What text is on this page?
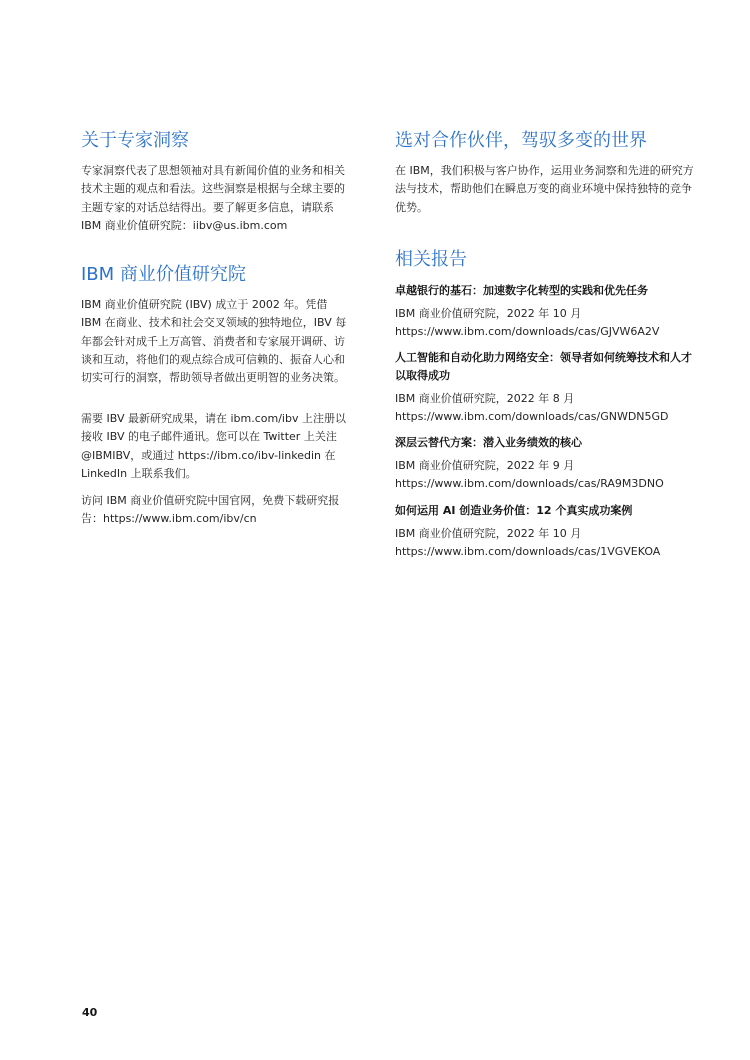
关于专家洞察

专家洞察代表了思想领袖对具有新闻价值的业务和相关技术主题的观点和看法。这些洞察是根据与全球主要的主题专家的对话总结得出。要了解更多信息，请联系 IBM 商业价值研究院：iibv@us.ibm.com

IBM 商业价值研究院

IBM 商业价值研究院 (IBV) 成立于 2002 年。凭借 IBM 在商业、技术和社会交叉领域的独特地位，IBV 每年都会针对成千上万高管、消费者和专家展开调研、访谈和互动，将他们的观点综合成可信赖的、振奋人心和切实可行的洞察，帮助领导者做出更明智的业务决策。

需要 IBV 最新研究成果，请在 ibm.com/ibv 上注册以接收 IBV 的电子邮件通讯。您可以在 Twitter 上关注 @IBMIBV，或通过 https://ibm.co/ibv-linkedin 在 LinkedIn 上联系我们。

访问 IBM 商业价值研究院中国官网，免费下载研究报告：https://www.ibm.com/ibv/cn

选对合作伙伴，驾驭多变的世界

在 IBM，我们积极与客户协作，运用业务洞察和先进的研究方法与技术，帮助他们在瞬息万变的商业环境中保持独特的竞争优势。

相关报告

卓越银行的基石：加速数字化转型的实践和优先任务

IBM 商业价值研究院，2022 年 10 月

https://www.ibm.com/downloads/cas/GJVW6A2V

人工智能和自动化助力网络安全：领导者如何统筹技术和人才以取得成功

IBM 商业价值研究院，2022 年 8 月

https://www.ibm.com/downloads/cas/GNWDN5GD

深层云替代方案：潜入业务绩效的核心

IBM 商业价值研究院，2022 年 9 月

https://www.ibm.com/downloads/cas/RA9M3DNO

如何运用 AI 创造业务价值：12 个真实成功案例

IBM 商业价值研究院，2022 年 10 月

https://www.ibm.com/downloads/cas/1VGVEKOA

40
